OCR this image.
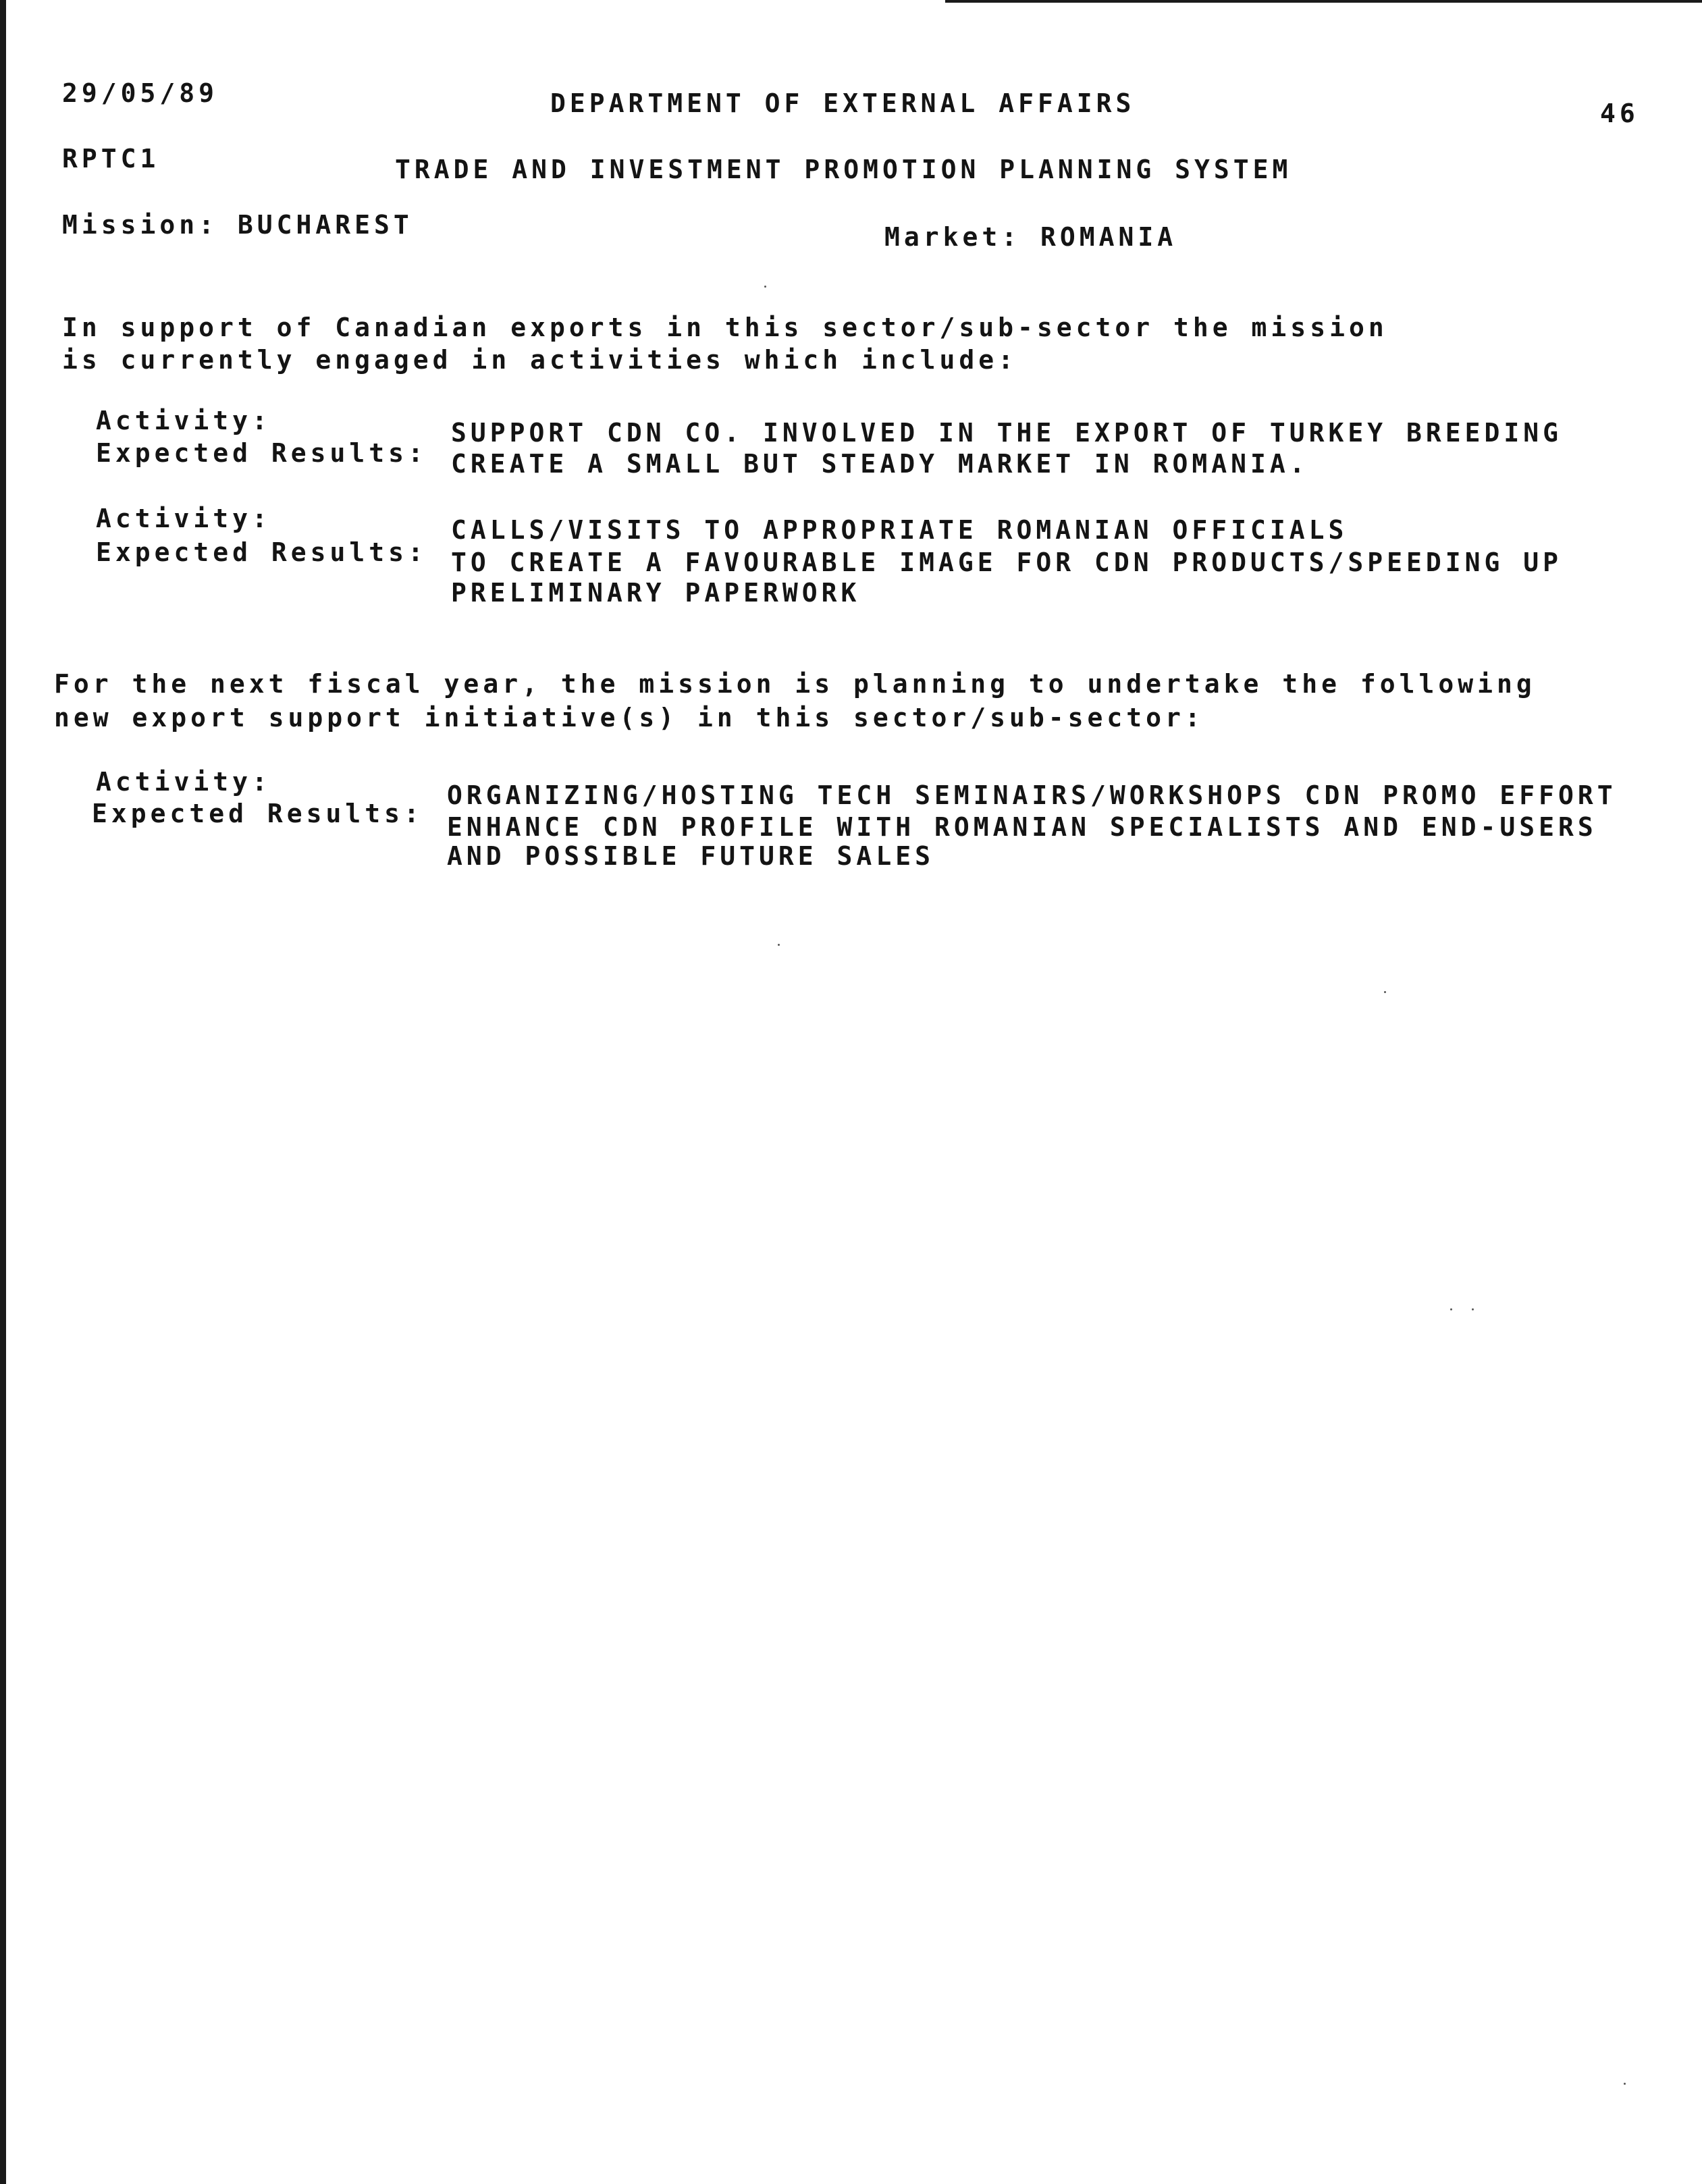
29/05/89	DEPARTMENT OF EXTERNAL AFFAIRS	46
RPTC1	TRADE AND INVESTMENT PROMOTION PLANNING SYSTEM
Mission: BUCHAREST	Market: ROMANIA
In support of Canadian exports in this sector/sub-sector the mission
is currently engaged in activities which include:
Activity:	SUPPORT CDN CO. INVOLVED IN THE EXPORT OF TURKEY BREEDING
Expected Results: CREATE A SMALL BUT STEADY MARKET IN ROMANIA.
Activity:	CALLS/VISITS TO APPROPRIATE ROMANIAN OFFICIALS
Expected Results: TO CREATE A FAVOURABLE IMAGE FOR CDN PRODUCTS/SPEEDING UP
PRELIMINARY PAPERWORK
For the next fiscal year, the mission is planning to undertake the following
new export support initiative(s) in this sector/sub-sector:
Activity:	ORGANIZING/HOSTING TECH SEMINAIRS/WORKSHOPS CDN PROMO EFFORT
Expected Results: ENHANCE CDN PROFILE WITH ROMANIAN SPECIALISTS AND END-USERS
AND POSSIBLE FUTURE SALES
